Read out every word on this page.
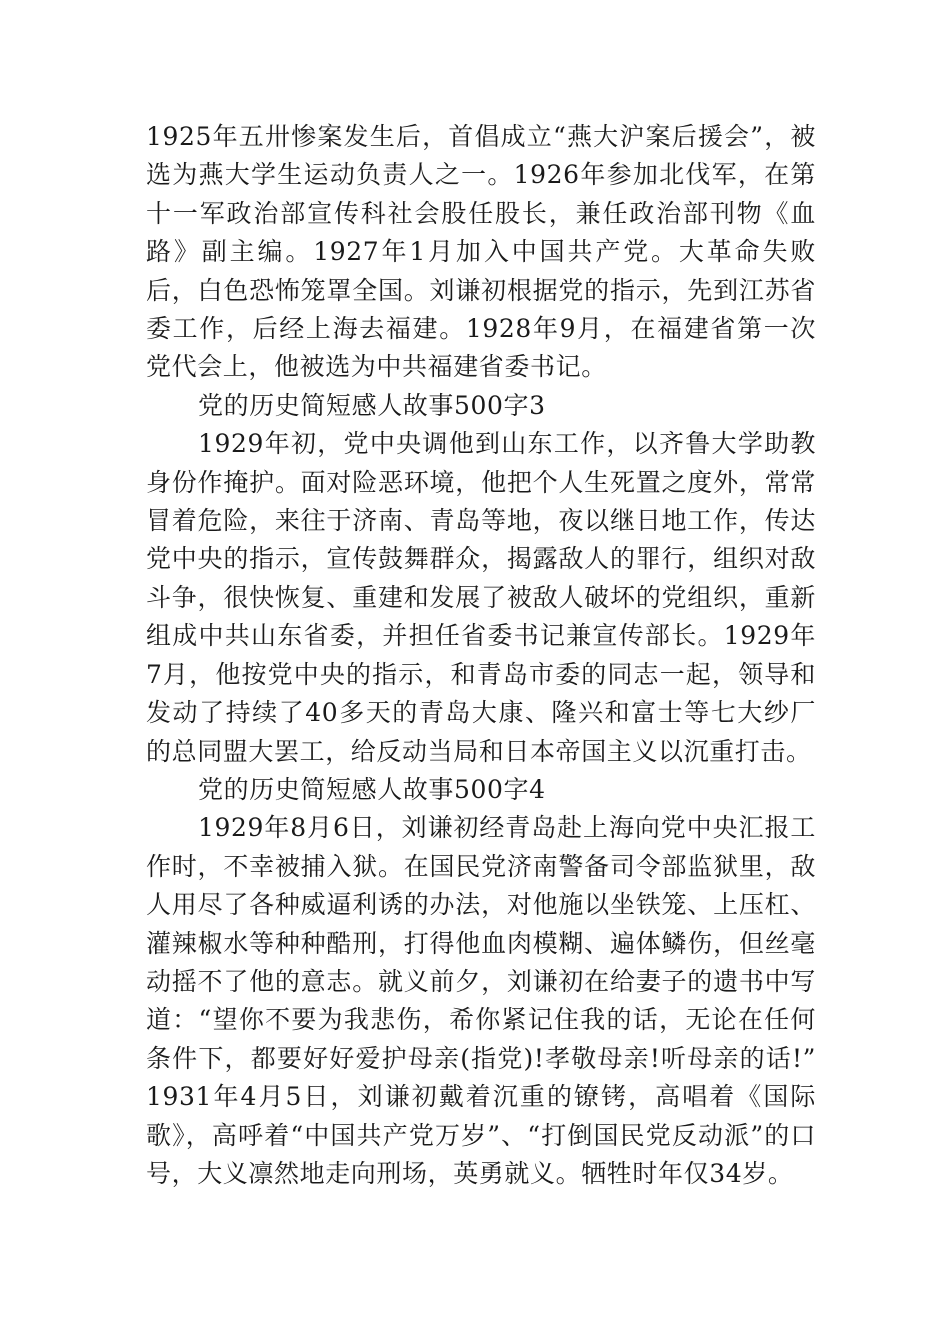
1925年五卅惨案发生后，首倡成立“燕大沪案后援会”，被选为燕大学生运动负责人之一。1926年参加北伐军，在第十一军政治部宣传科社会股任股长，兼任政治部刊物《血路》副主编。1927年1月加入中国共产党。大革命失败后，白色恐怖笼罩全国。刘谦初根据党的指示，先到江苏省委工作，后经上海去福建。1928年9月，在福建省第一次党代会上，他被选为中共福建省委书记。

党的历史简短感人故事500字3

1929年初，党中央调他到山东工作，以齐鲁大学助教身份作掩护。面对险恶环境，他把个人生死置之度外，常常冒着危险，来往于济南、青岛等地，夜以继日地工作，传达党中央的指示，宣传鼓舞群众，揭露敌人的罪行，组织对敌斗争，很快恢复、重建和发展了被敌人破坏的党组织，重新组成中共山东省委，并担任省委书记兼宣传部长。1929年7月，他按党中央的指示，和青岛市委的同志一起，领导和发动了持续了40多天的青岛大康、隆兴和富士等七大纱厂的总同盟大罢工，给反动当局和日本帝国主义以沉重打击。

党的历史简短感人故事500字4

1929年8月6日，刘谦初经青岛赴上海向党中央汇报工作时，不幸被捕入狱。在国民党济南警备司令部监狱里，敌人用尽了各种威逼利诱的办法，对他施以坐铁笼、上压杠、灌辣椒水等种种酷刑，打得他血肉模糊、遍体鳞伤，但丝毫动摇不了他的意志。就义前夕，刘谦初在给妻子的遗书中写道：“望你不要为我悲伤，希你紧记住我的话，无论在任何条件下，都要好好爱护母亲(指党)!孝敬母亲!听母亲的话!” 1931年4月5日，刘谦初戴着沉重的镣铐，高唱着《国际歌》，高呼着“中国共产党万岁”、“打倒国民党反动派”的口号，大义凛然地走向刑场，英勇就义。牺牲时年仅34岁。
